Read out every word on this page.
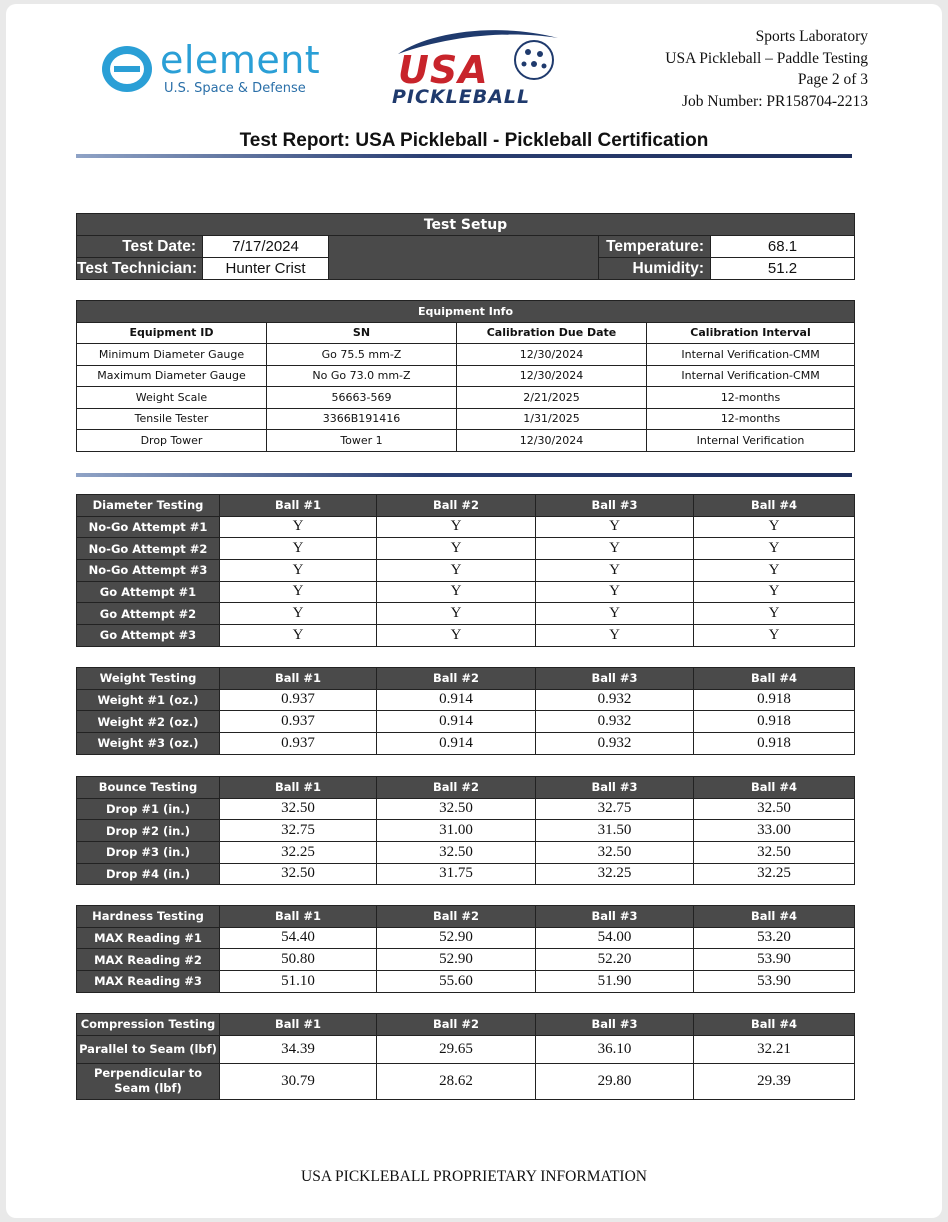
element
U.S. Space & Defense USA
PICKLEBALL
Sports Laboratory
USA Pickleball – Paddle Testing
Page 2 of 3
Job Number: PR158704-2213
Test Report: USA Pickleball - Pickleball Certification
Test Setup				
Test Date:	7/17/2024		Temperature:	68.1
Test Technician:	Hunter Crist		Humidity:	51.2
Equipment Info			
Equipment ID	SN	Calibration Due Date	Calibration Interval
Minimum Diameter Gauge	Go 75.5 mm-Z	12/30/2024	Internal Verification-CMM
Maximum Diameter Gauge	No Go 73.0 mm-Z	12/30/2024	Internal Verification-CMM
Weight Scale	56663-569	2/21/2025	12-months
Tensile Tester	3366B191416	1/31/2025	12-months
Drop Tower	Tower 1	12/30/2024	Internal Verification
Diameter Testing	Ball #1	Ball #2	Ball #3	Ball #4
No-Go Attempt #1	Y	Y	Y	Y
No-Go Attempt #2	Y	Y	Y	Y
No-Go Attempt #3	Y	Y	Y	Y
Go Attempt #1	Y	Y	Y	Y
Go Attempt #2	Y	Y	Y	Y
Go Attempt #3	Y	Y	Y	Y
Weight Testing	Ball #1	Ball #2	Ball #3	Ball #4
Weight #1 (oz.)	0.937	0.914	0.932	0.918
Weight #2 (oz.)	0.937	0.914	0.932	0.918
Weight #3 (oz.)	0.937	0.914	0.932	0.918
Bounce Testing	Ball #1	Ball #2	Ball #3	Ball #4
Drop #1 (in.)	32.50	32.50	32.75	32.50
Drop #2 (in.)	32.75	31.00	31.50	33.00
Drop #3 (in.)	32.25	32.50	32.50	32.50
Drop #4 (in.)	32.50	31.75	32.25	32.25
Hardness Testing	Ball #1	Ball #2	Ball #3	Ball #4
MAX Reading #1	54.40	52.90	54.00	53.20
MAX Reading #2	50.80	52.90	52.20	53.90
MAX Reading #3	51.10	55.60	51.90	53.90
Compression Testing	Ball #1	Ball #2	Ball #3	Ball #4
Parallel to Seam (lbf)	34.39	29.65	36.10	32.21
Perpendicular to Seam (lbf)	30.79	28.62	29.80	29.39
USA PICKLEBALL PROPRIETARY INFORMATION
